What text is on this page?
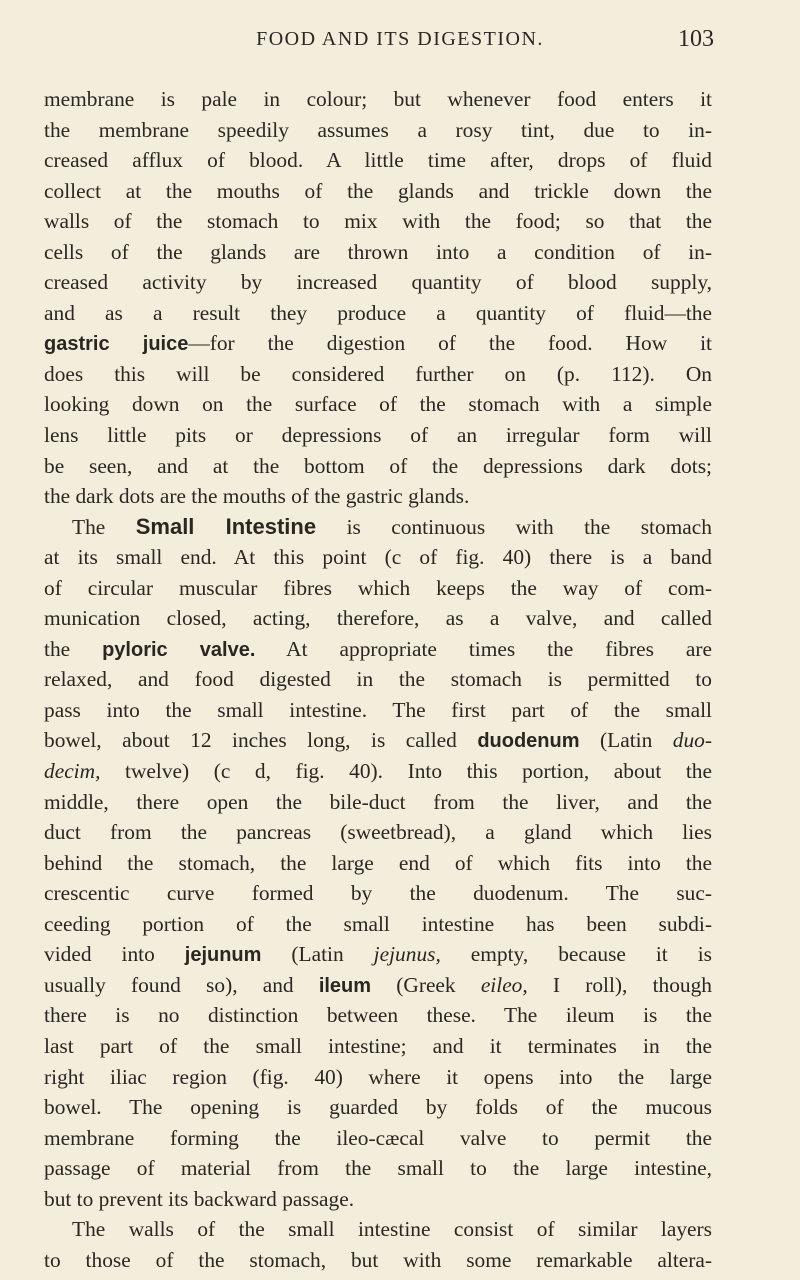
FOOD AND ITS DIGESTION.	103
membrane is pale in colour; but whenever food enters it
the membrane speedily assumes a rosy tint, due to in-
creased afflux of blood. A little time after, drops of fluid
collect at the mouths of the glands and trickle down the
walls of the stomach to mix with the food; so that the
cells of the glands are thrown into a condition of in-
creased activity by increased quantity of blood supply,
and as a result they produce a quantity of fluid—the
gastric juice—for the digestion of the food. How it
does this will be considered further on (p. 112). On
looking down on the surface of the stomach with a simple
lens little pits or depressions of an irregular form will
be seen, and at the bottom of the depressions dark dots;
the dark dots are the mouths of the gastric glands.
The Small Intestine is continuous with the stomach
at its small end. At this point (c of fig. 40) there is a band
of circular muscular fibres which keeps the way of com-
munication closed, acting, therefore, as a valve, and called
the pyloric valve. At appropriate times the fibres are
relaxed, and food digested in the stomach is permitted to
pass into the small intestine. The first part of the small
bowel, about 12 inches long, is called duodenum (Latin duo-
decim, twelve) (c d, fig. 40). Into this portion, about the
middle, there open the bile-duct from the liver, and the
duct from the pancreas (sweetbread), a gland which lies
behind the stomach, the large end of which fits into the
crescentic curve formed by the duodenum. The suc-
ceeding portion of the small intestine has been subdi-
vided into jejunum (Latin jejunus, empty, because it is
usually found so), and ileum (Greek eileo, I roll), though
there is no distinction between these. The ileum is the
last part of the small intestine; and it terminates in the
right iliac region (fig. 40) where it opens into the large
bowel. The opening is guarded by folds of the mucous
membrane forming the ileo-cæcal valve to permit the
passage of material from the small to the large intestine,
but to prevent its backward passage.
The walls of the small intestine consist of similar layers
to those of the stomach, but with some remarkable altera-
